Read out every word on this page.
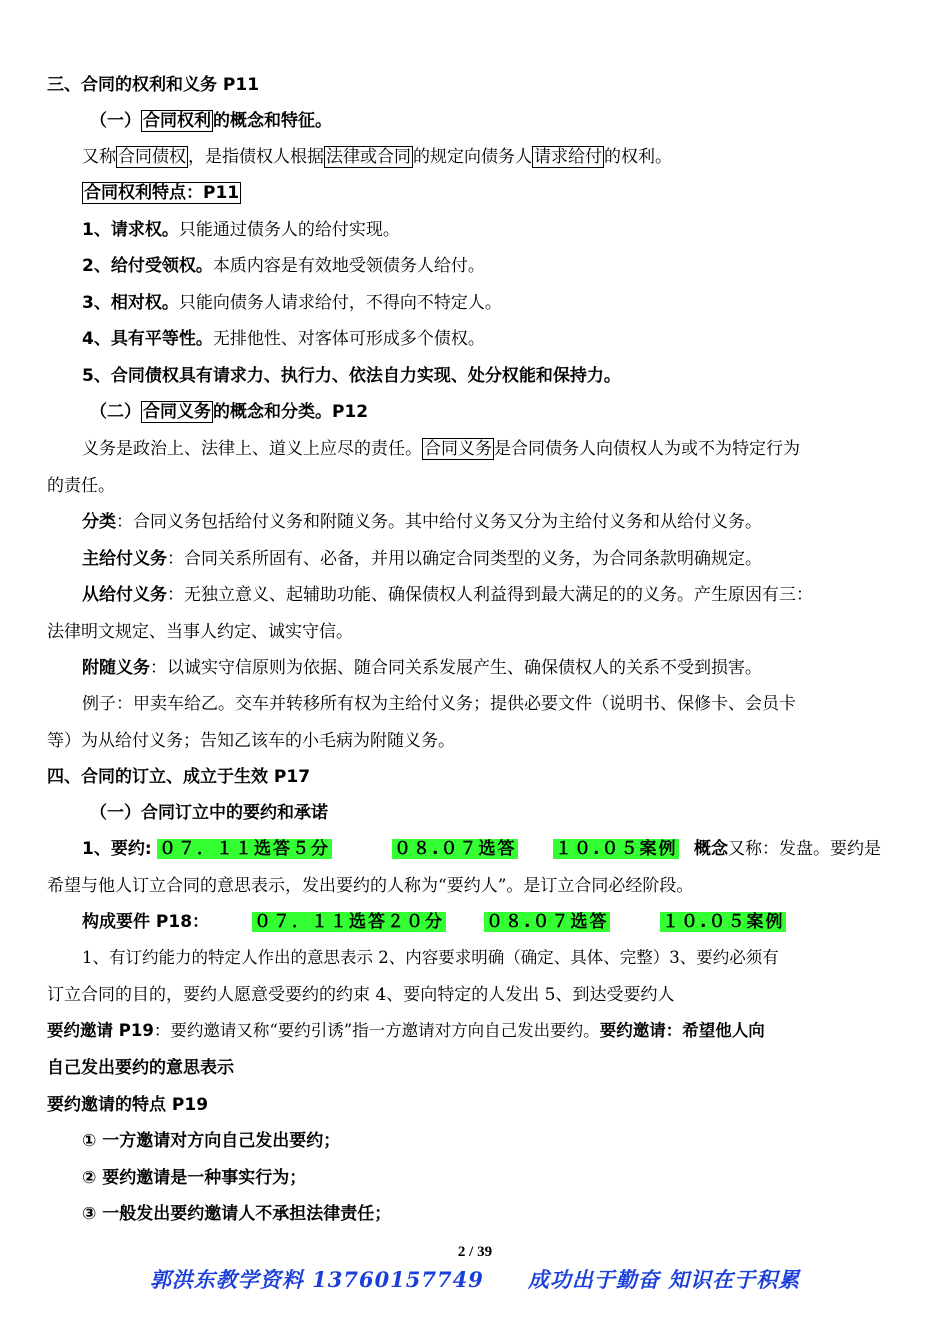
三、合同的权利和义务 P11
（一） 合同权利 的概念和特征。
又称 合同债权 ，是指债权人根据 法律或合同 的规定向债务人 请求给付 的权利。
合同权利特点：P11
1、请求权。只能通过债务人的给付实现。
2、给付受领权。本质内容是有效地受领债务人给付。
3、相对权。只能向债务人请求给付，不得向不特定人。
4、具有平等性。无排他性、对客体可形成多个债权。
5、合同债权具有请求力、执行力、依法自力实现、处分权能和保持力。
（二） 合同义务 的概念和分类。P12
义务是政治上、法律上、道义上应尽的责任。 合同义务 是合同债务人向债权人为或不为特定行为
的责任。
分类：合同义务包括给付义务和附随义务。其中给付义务又分为主给付义务和从给付义务。
主给付义务：合同关系所固有、必备，并用以确定合同类型的义务，为合同条款明确规定。
从给付义务：无独立意义、起辅助功能、确保债权人利益得到最大满足的的义务。产生原因有三：
法律明文规定、当事人约定、诚实守信。
附随义务：以诚实守信原则为依据、随合同关系发展产生、确保债权人的关系不受到损害。
例子：甲卖车给乙。交车并转移所有权为主给付义务；提供必要文件（说明书、保修卡、会员卡
等）为从给付义务；告知乙该车的小毛病为附随义务。
四、合同的订立、成立于生效 P17
（一）合同订立中的要约和承诺
1、要约: ０７．１１选答５分	０８.０７选答 １０.０５案例 概念又称：发盘。要约是
希望与他人订立合同的意思表示，发出要约的人称为“要约人”。是订立合同必经阶段。
构成要件 P18：	０７．１１选答２０分 ０８.０７选答	１０.０５案例
1、有订约能力的特定人作出的意思表示 2、内容要求明确（确定、具体、完整）3、要约必须有
订立合同的目的，要约人愿意受要约的约束 4、要向特定的人发出 5、到达受要约人
要约邀请 P19：要约邀请又称“要约引诱”指一方邀请对方向自己发出要约。要约邀请：希望他人向
自己发出要约的意思表示
要约邀请的特点 P19
① 一方邀请对方向自己发出要约；
② 要约邀请是一种事实行为；
③ 一般发出要约邀请人不承担法律责任；
2 / 39
郭洪东教学资料 13760157749　　成功出于勤奋 知识在于积累
